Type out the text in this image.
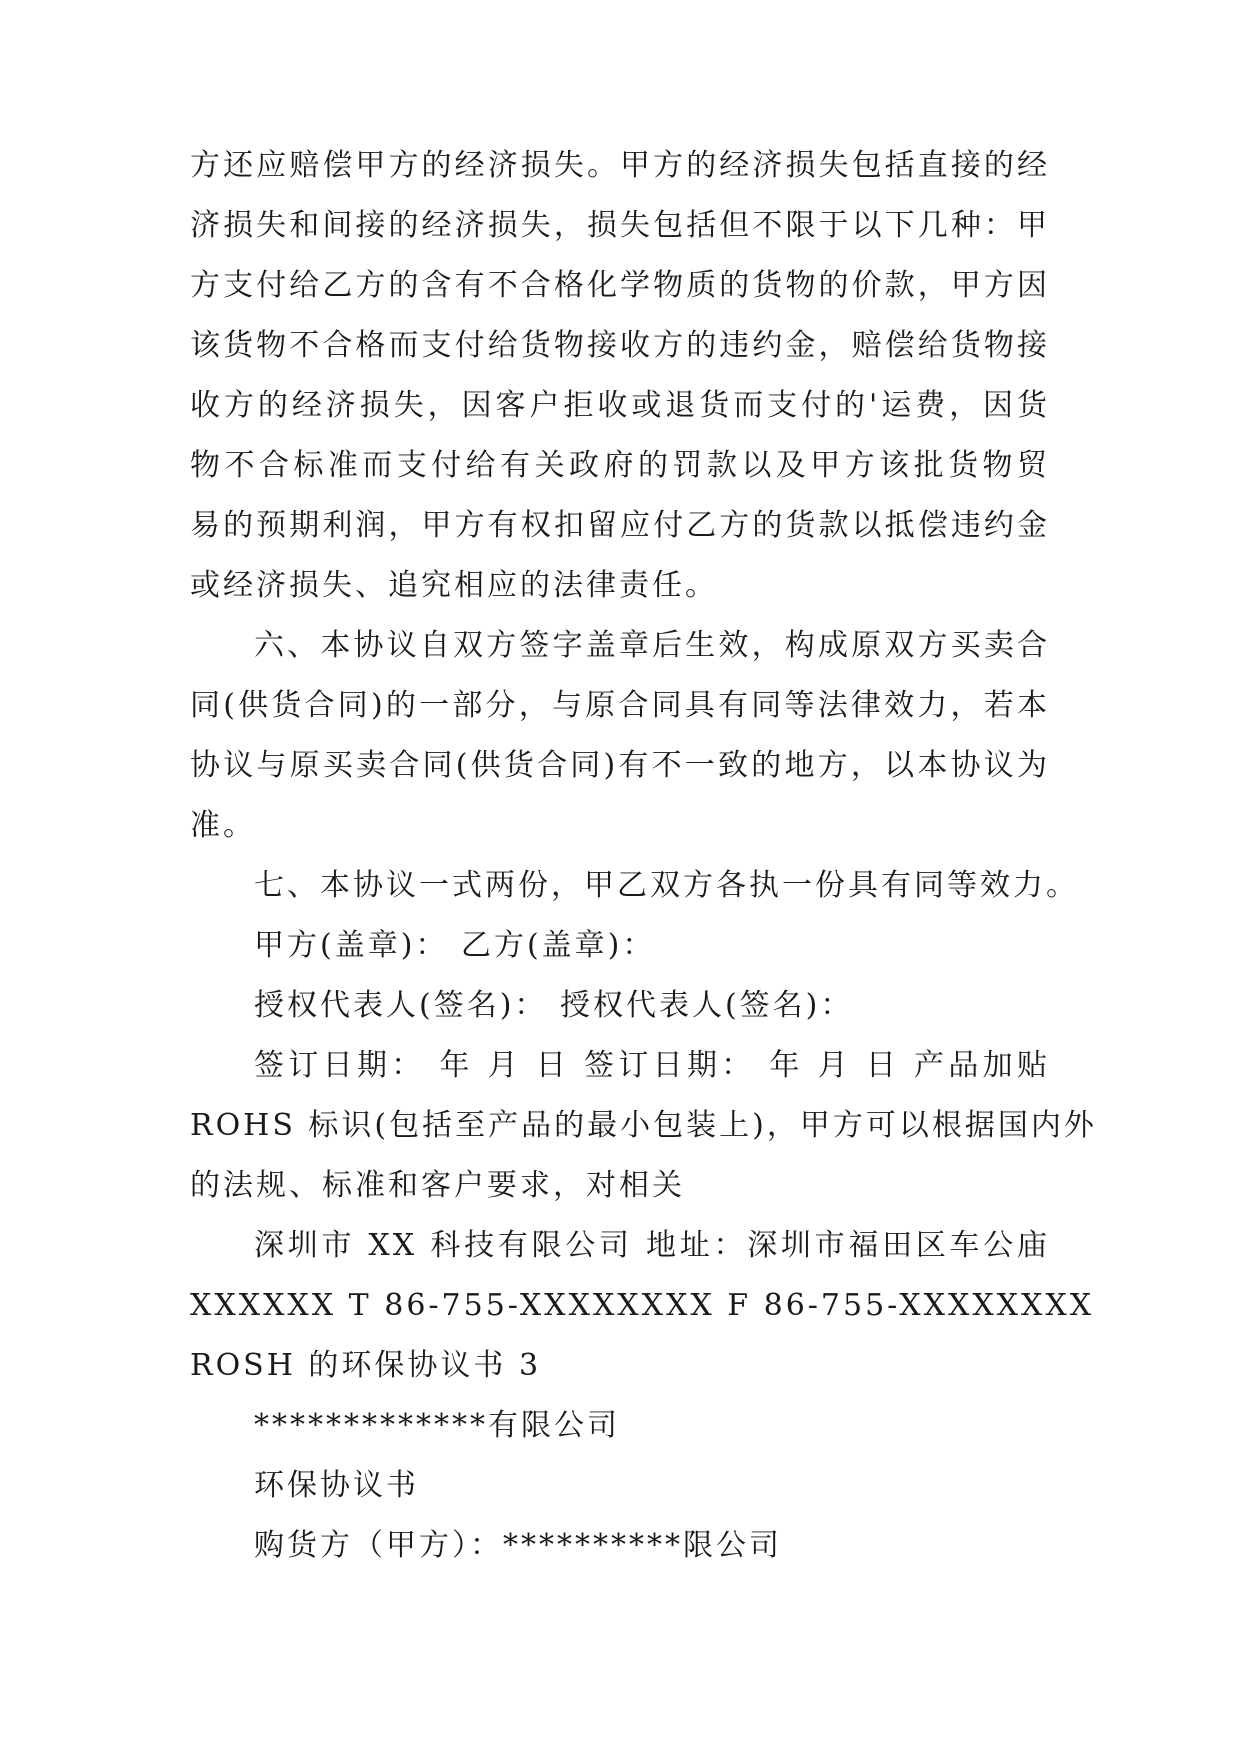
方还应赔偿甲方的经济损失。甲方的经济损失包括直接的经
济损失和间接的经济损失，损失包括但不限于以下几种：甲
方支付给乙方的含有不合格化学物质的货物的价款，甲方因
该货物不合格而支付给货物接收方的违约金，赔偿给货物接
收方的经济损失，因客户拒收或退货而支付的'运费，因货
物不合标准而支付给有关政府的罚款以及甲方该批货物贸
易的预期利润，甲方有权扣留应付乙方的货款以抵偿违约金
或经济损失、追究相应的法律责任。
六、本协议自双方签字盖章后生效，构成原双方买卖合
同(供货合同)的一部分，与原合同具有同等法律效力，若本
协议与原买卖合同(供货合同)有不一致的地方，以本协议为
准。
七、本协议一式两份，甲乙双方各执一份具有同等效力。
甲方(盖章)： 乙方(盖章)：
授权代表人(签名)： 授权代表人(签名)：
签订日期： 年 月 日 签订日期： 年 月 日 产品加贴
ROHS 标识(包括至产品的最小包装上)，甲方可以根据国内外
的法规、标准和客户要求，对相关
深圳市 XX 科技有限公司 地址：深圳市福田区车公庙
XXXXXX T 86-755-XXXXXXXX F 86-755-XXXXXXXX
ROSH 的环保协议书 3
*************有限公司
环保协议书
购货方（甲方）：**********限公司
